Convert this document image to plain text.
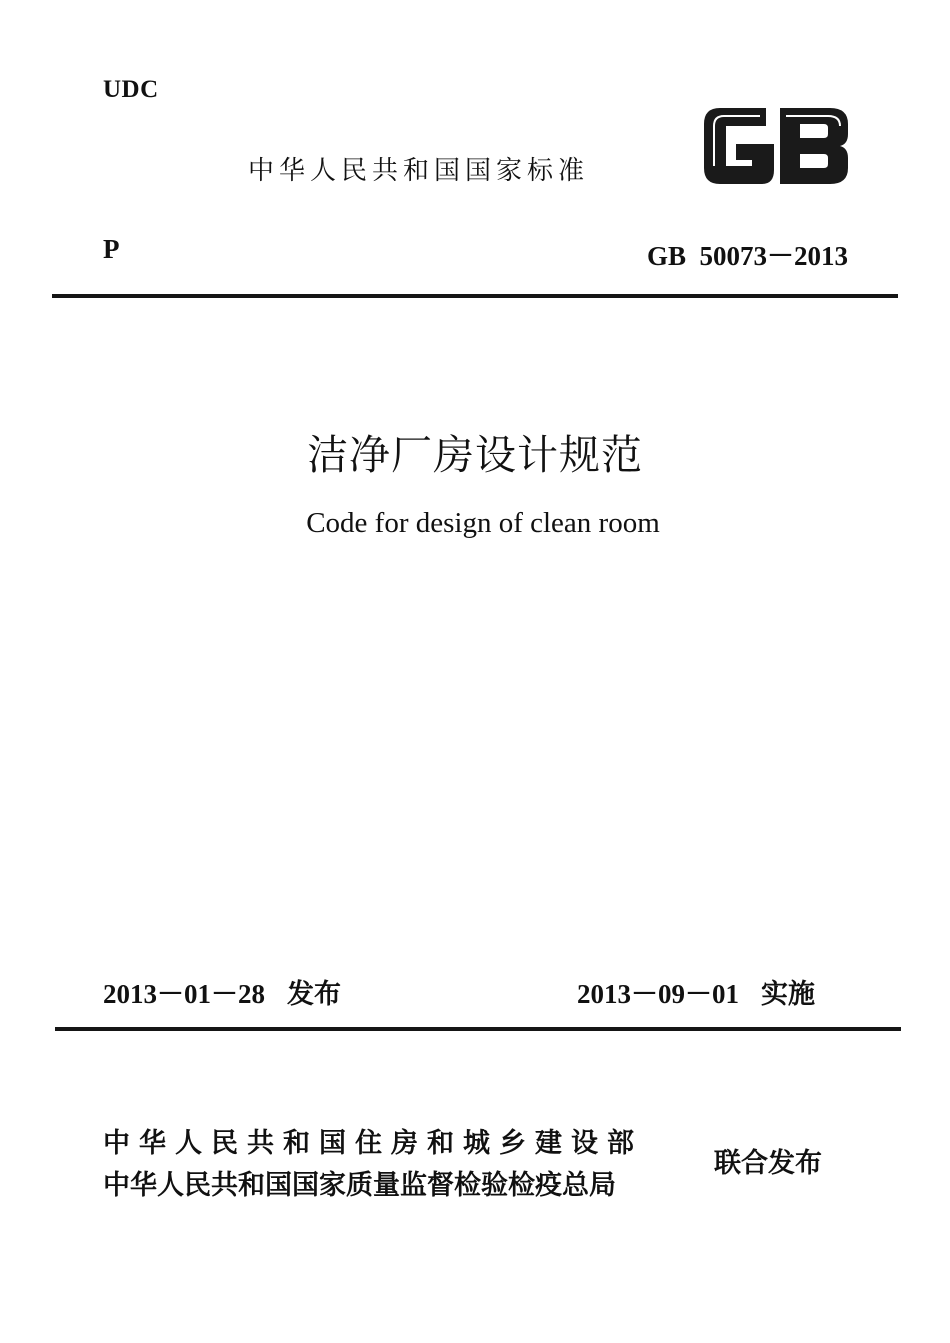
UDC
中华人民共和国国家标准
P	GB  50073－2013
洁净厂房设计规范
Code for design of clean room
2013－01－28 发布	2013－09－01 实施
中华人民共和国住房和城乡建设部
中华人民共和国国家质量监督检验检疫总局
联合发布
